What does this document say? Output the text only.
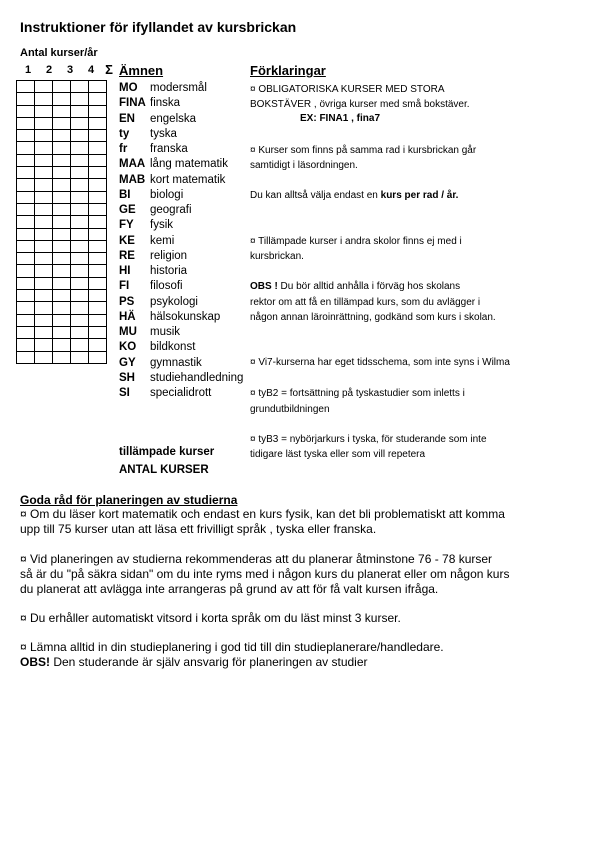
Instruktioner för ifyllandet av kursbrickan
Antal kurser/år
1	2	3	4 Σ Ämnen	Förklaringar

MO modersmål
FINA finska
EN engelska
ty tyska
fr franska
MAA lång matematik
MAB kort matematik
BI biologi
GE geografi
FY fysik
KE kemi
RE religion
HI historia
FI filosofi
PS psykologi
HÄ hälsokunskap
MU musik
KO bildkonst
GY gymnastik
SH studiehandledning
SI specialidrott
tillämpade kurser
ANTAL KURSER
¤ OBLIGATORISKA KURSER MED STORA
BOKSTÄVER , övriga kurser med små bokstäver.
EX: FINA1 , fina7
¤ Kurser som finns på samma rad i kursbrickan går
samtidigt i läsordningen.
Du kan alltså välja endast en kurs per rad / år.
¤ Tillämpade kurser i andra skolor finns ej med i
kursbrickan.
OBS ! Du bör alltid anhålla i förväg hos skolans
rektor om att få en tillämpad kurs, som du avlägger i
någon annan läroinrättning, godkänd som kurs i skolan.
¤ Vi7-kurserna har eget tidsschema, som inte syns i Wilma
¤ tyB2 = fortsättning på tyskastudier som inletts i
grundutbildningen
¤ tyB3 = nybörjarkurs i tyska, för studerande som inte
tidigare läst tyska eller som vill repetera
Goda råd för planeringen av studierna
¤ Om du läser kort matematik och endast en kurs fysik, kan det bli problematiskt att komma
upp till 75 kurser utan att läsa ett frivilligt språk , tyska eller franska.
¤ Vid planeringen av studierna rekommenderas att du planerar åtminstone 76 - 78 kurser
så är du "på säkra sidan" om du inte ryms med i någon kurs du planerat eller om någon kurs
du planerat att avlägga inte arrangeras på grund av att för få valt kursen ifråga.
¤ Du erhåller automatiskt vitsord i korta språk om du läst minst 3 kurser.
¤ Lämna alltid in din studieplanering i god tid till din studieplanerare/handledare.
OBS! Den studerande är själv ansvarig för planeringen av studier
